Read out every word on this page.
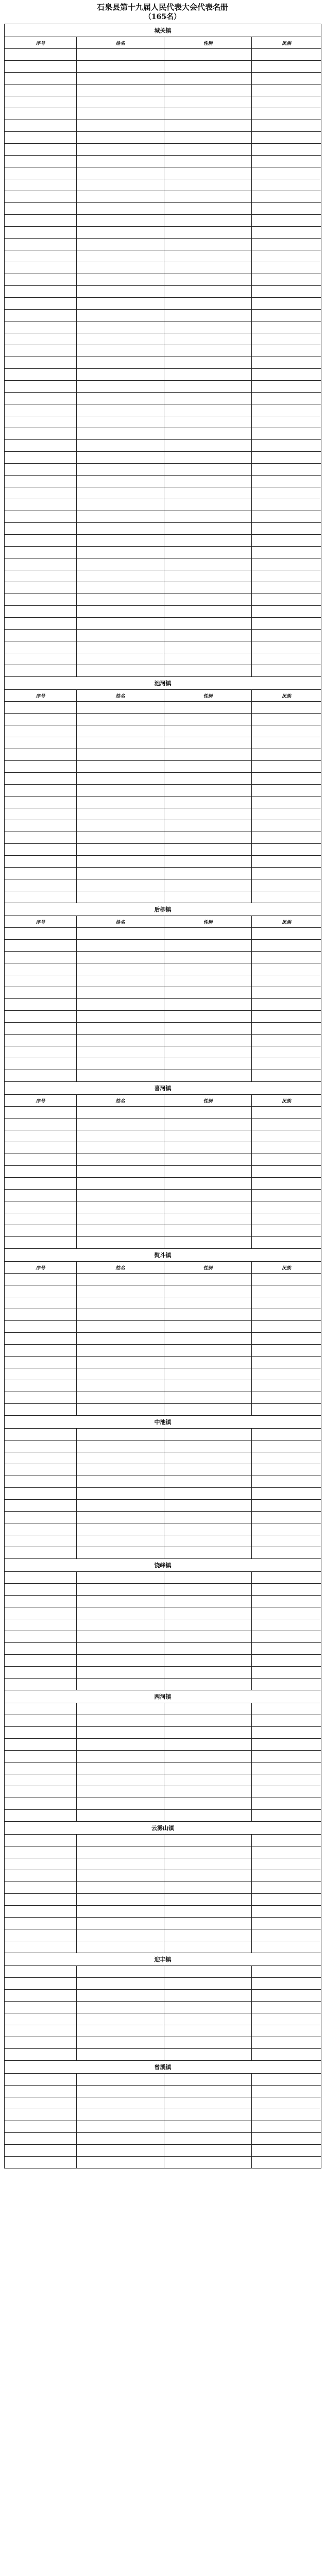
石泉县第十九届人民代表大会代表名册
（165名）
城关镇			
序号	姓名	性别	民族

池河镇			
序号	姓名	性别	民族

后柳镇			
序号	姓名	性别	民族

喜河镇			
序号	姓名	性别	民族

熨斗镇			
序号	姓名	性别	民族

中池镇			

饶峰镇			

两河镇			

云雾山镇			

迎丰镇			

曾溪镇			
